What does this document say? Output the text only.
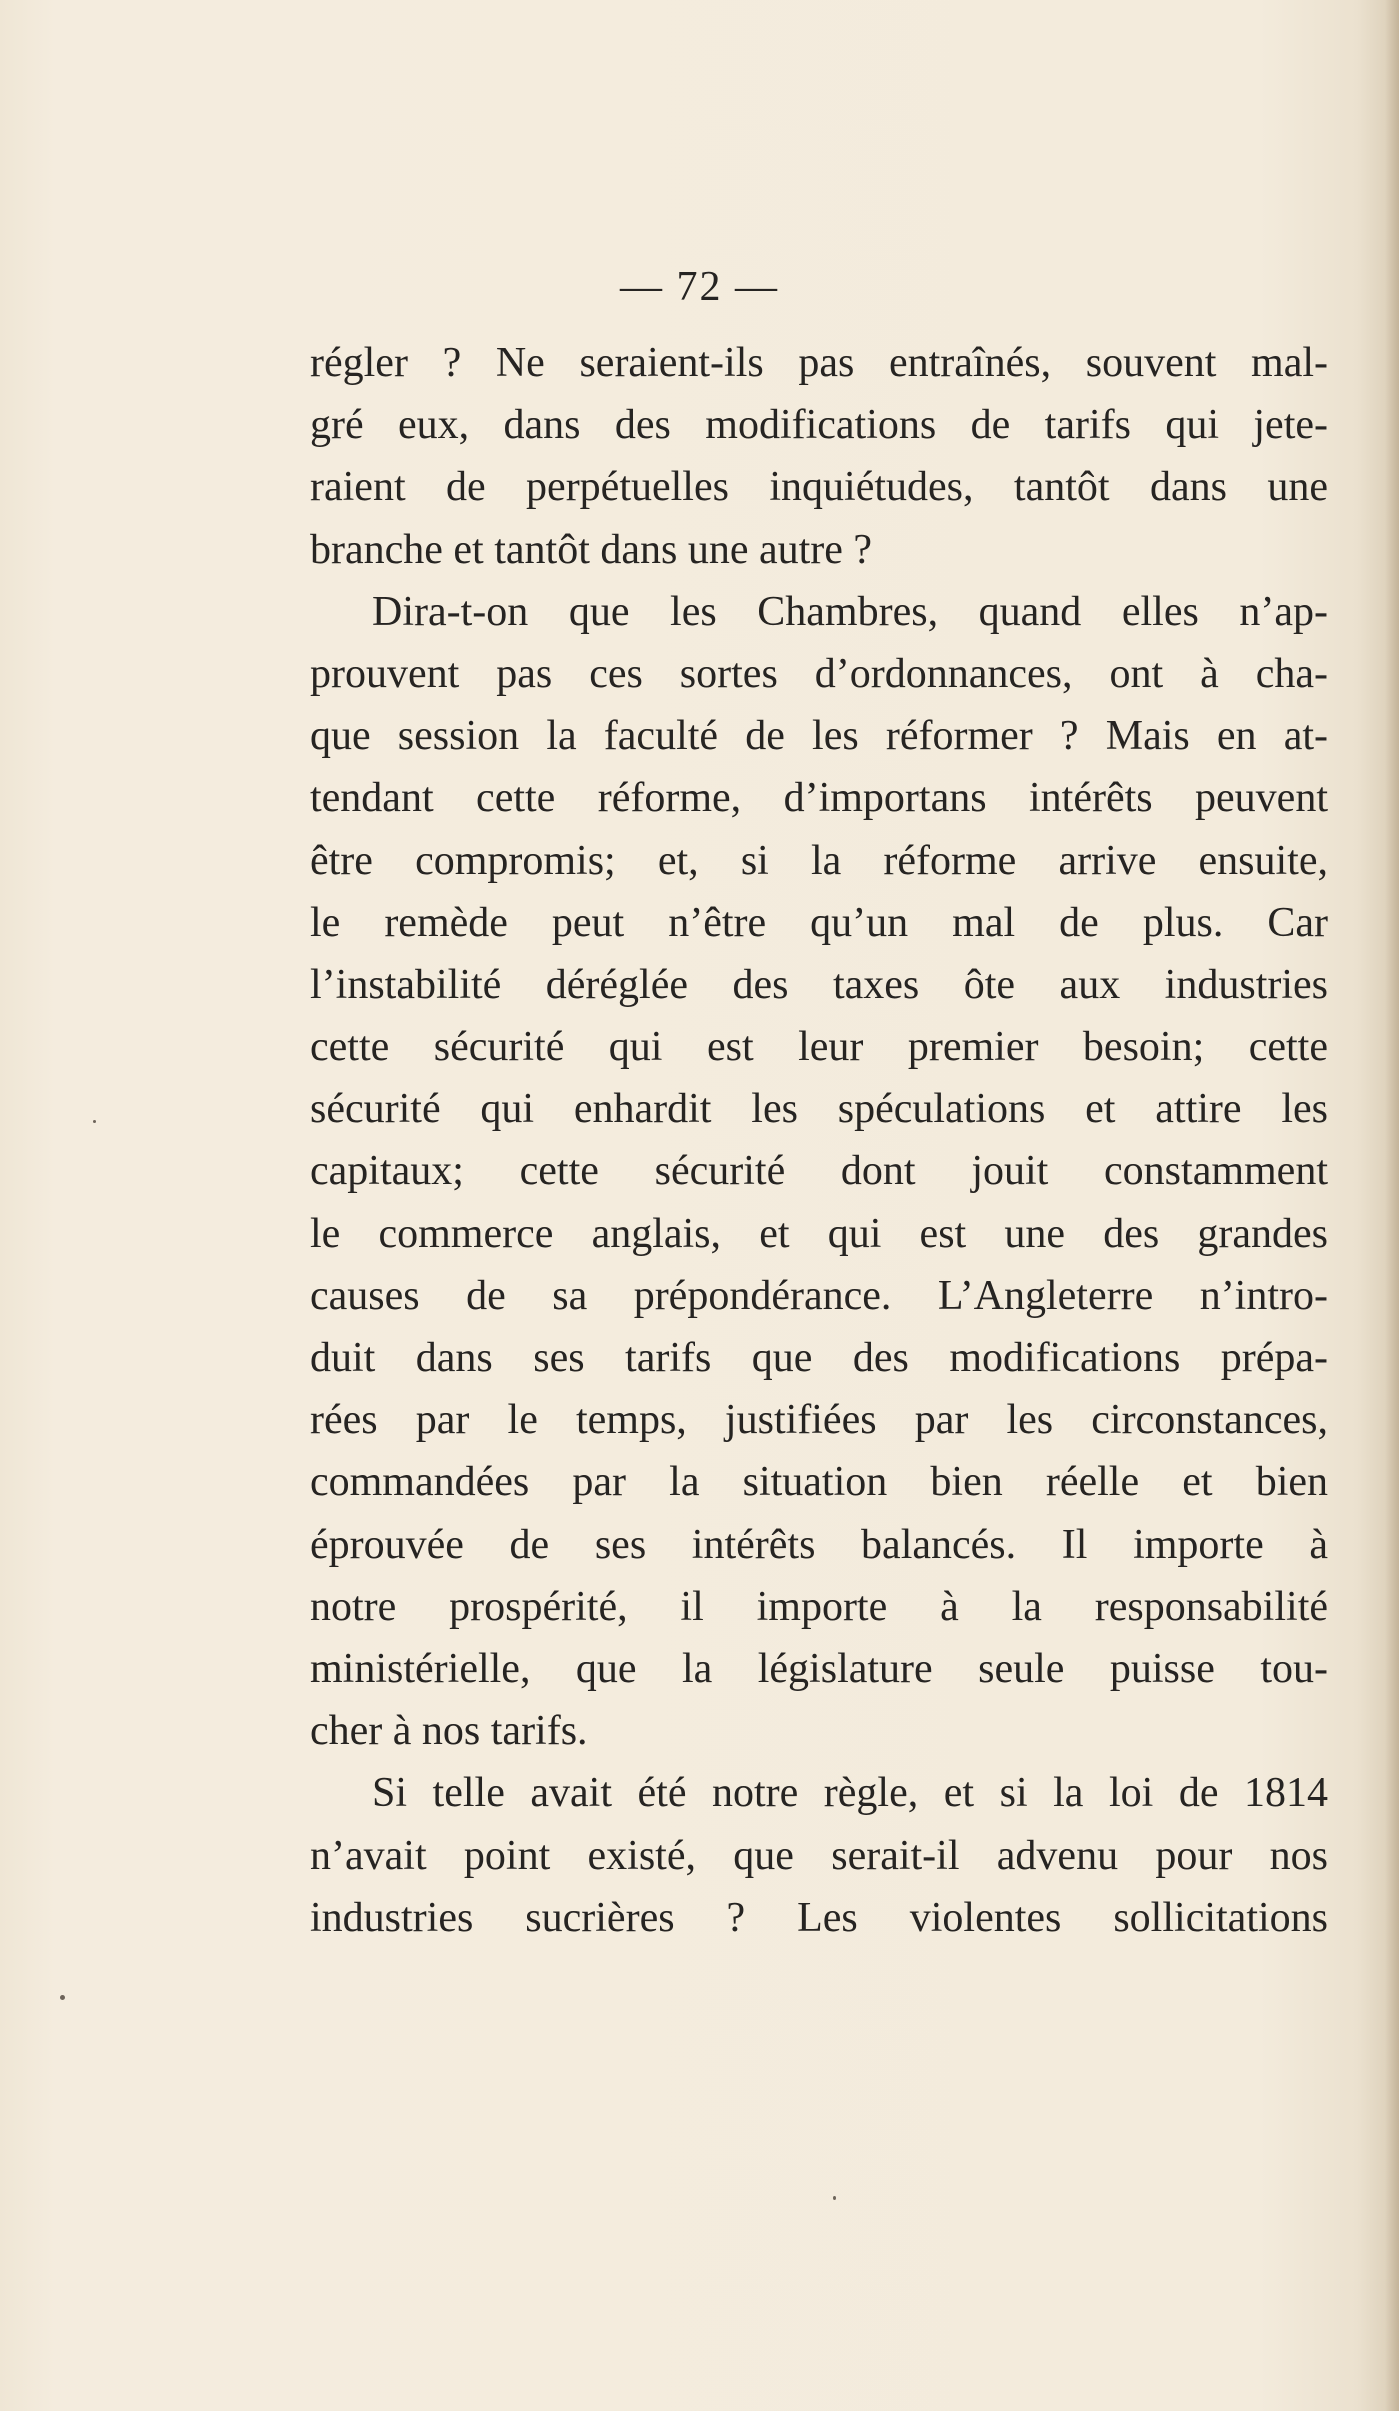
— 72 —
régler ? Ne seraient-ils pas entraînés, souvent mal-
gré eux, dans des modifications de tarifs qui jete-
raient de perpétuelles inquiétudes, tantôt dans une
branche et tantôt dans une autre ?
Dira-t-on que les Chambres, quand elles n’ap-
prouvent pas ces sortes d’ordonnances, ont à cha-
que session la faculté de les réformer ? Mais en at-
tendant cette réforme, d’importans intérêts peuvent
être compromis; et, si la réforme arrive ensuite,
le remède peut n’être qu’un mal de plus. Car
l’instabilité déréglée des taxes ôte aux industries
cette sécurité qui est leur premier besoin; cette
sécurité qui enhardit les spéculations et attire les
capitaux; cette sécurité dont jouit constamment
le commerce anglais, et qui est une des grandes
causes de sa prépondérance. L’Angleterre n’intro-
duit dans ses tarifs que des modifications prépa-
rées par le temps, justifiées par les circonstances,
commandées par la situation bien réelle et bien
éprouvée de ses intérêts balancés. Il importe à
notre prospérité, il importe à la responsabilité
ministérielle, que la législature seule puisse tou-
cher à nos tarifs.
Si telle avait été notre règle, et si la loi de 1814
n’avait point existé, que serait-il advenu pour nos
industries sucrières ? Les violentes sollicitations
